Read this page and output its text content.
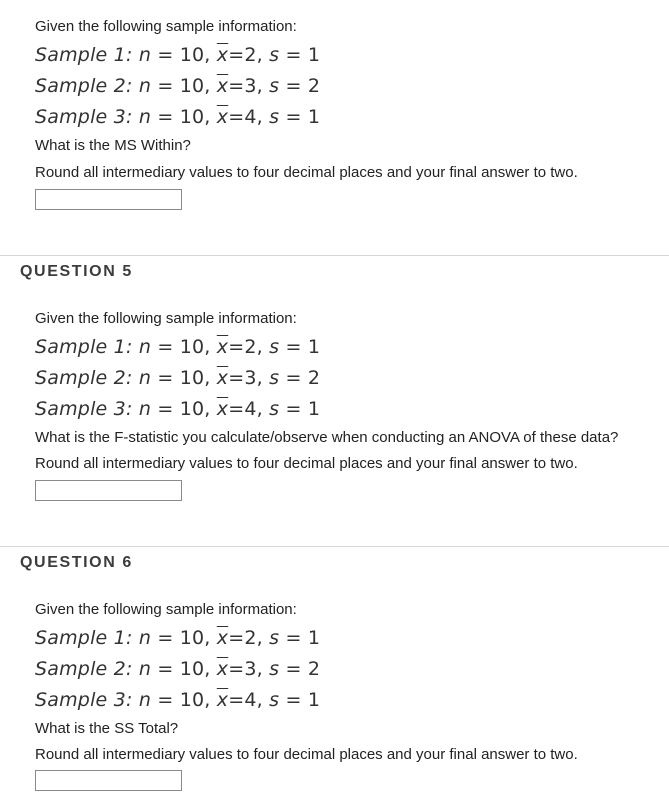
Given the following sample information:
Sample 1: n = 10, $\overline{x}=2$, s = 1
Sample 2: n = 10, $\overline{x}=3$, s = 2
Sample 3: n = 10, $\overline{x}=4$, s = 1
What is the MS Within?
Round all intermediary values to four decimal places and your final answer to two.
QUESTION 5
Given the following sample information:
Sample 1: n = 10, $\overline{x}=2$, s = 1
Sample 2: n = 10, $\overline{x}=3$, s = 2
Sample 3: n = 10, $\overline{x}=4$, s = 1
What is the F-statistic you calculate/observe when conducting an ANOVA of these data?
Round all intermediary values to four decimal places and your final answer to two.
QUESTION 6
Given the following sample information:
Sample 1: n = 10, $\overline{x}=2$, s = 1
Sample 2: n = 10, $\overline{x}=3$, s = 2
Sample 3: n = 10, $\overline{x}=4$, s = 1
What is the SS Total?
Round all intermediary values to four decimal places and your final answer to two.
